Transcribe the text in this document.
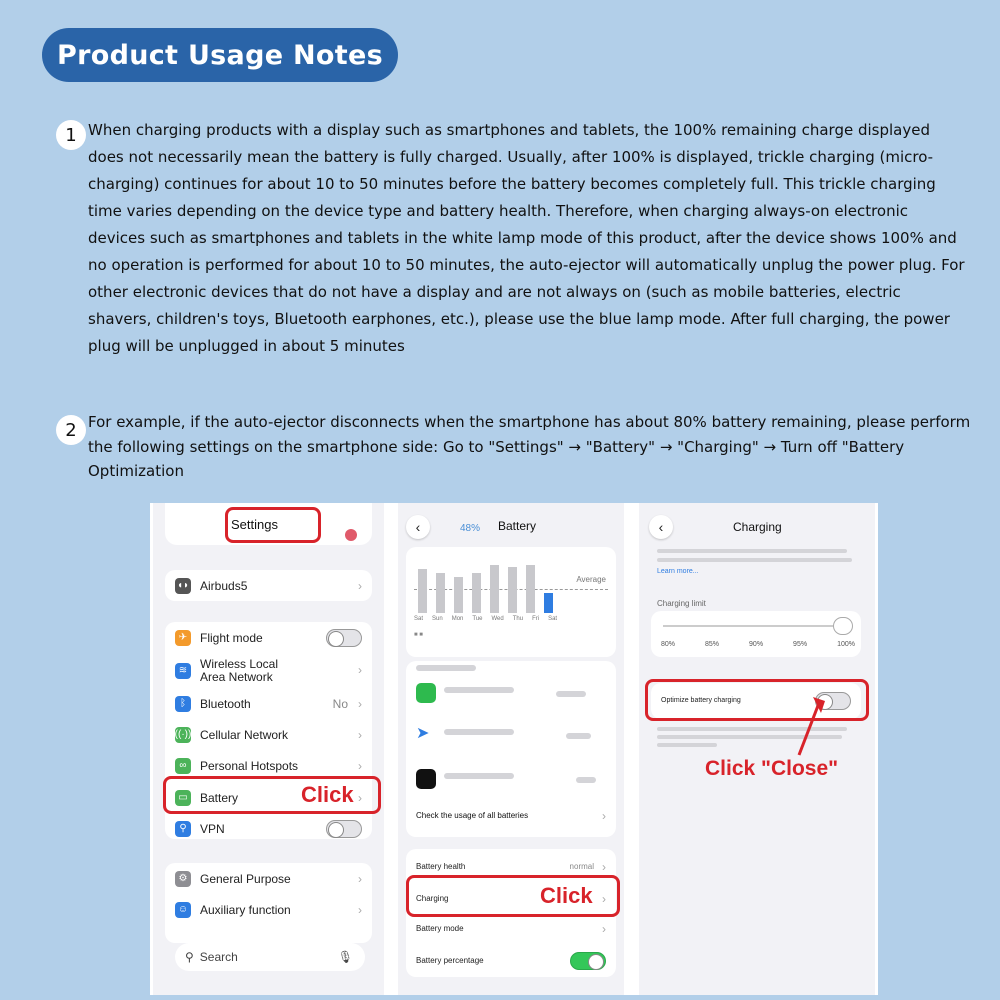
Product Usage Notes
1 When charging products with a display such as smartphones and tablets, the 100% remaining charge displayed does not necessarily mean the battery is fully charged. Usually, after 100% is displayed, trickle charging (micro-charging) continues for about 10 to 50 minutes before the battery becomes completely full. This trickle charging time varies depending on the device type and battery health. Therefore, when charging always-on electronic devices such as smartphones and tablets in the white lamp mode of this product, after the device shows 100% and no operation is performed for about 10 to 50 minutes, the auto-ejector will automatically unplug the power plug. For other electronic devices that do not have a display and are not always on (such as mobile batteries, electric shavers, children's toys, Bluetooth earphones, etc.), please use the blue lamp mode. After full charging, the power plug will be unplugged in about 5 minutes
2 For example, if the auto-ejector disconnects when the smartphone has about 80% battery remaining, please perform the following settings on the smartphone side: Go to "Settings" → "Battery" → "Charging" → Turn off "Battery Optimization
Settings
◖◗ Airbuds5	›
✈	Flight mode
≋	Wireless Local Area Network	›
ᛒ	Bluetooth	No ›
((·)) Cellular Network	›
∞	Personal Hotspots	›
▭ Battery	›
⚲	VPN
Click
⚙ General Purpose	›
☺ Auxiliary function	›
⚲ Search	🎙
‹	48% Battery
Average
Sat Sun Mon Tue Wed Thu Fri Sat
■ ■
➤
Check the usage of all batteries	›
Battery health	normal ›
Charging	›
Battery mode	›
Battery percentage
Click
‹	Charging
Learn more...
Charging limit
80%	85%	90%	95%	100%
Optimize battery charging
Click "Close"
